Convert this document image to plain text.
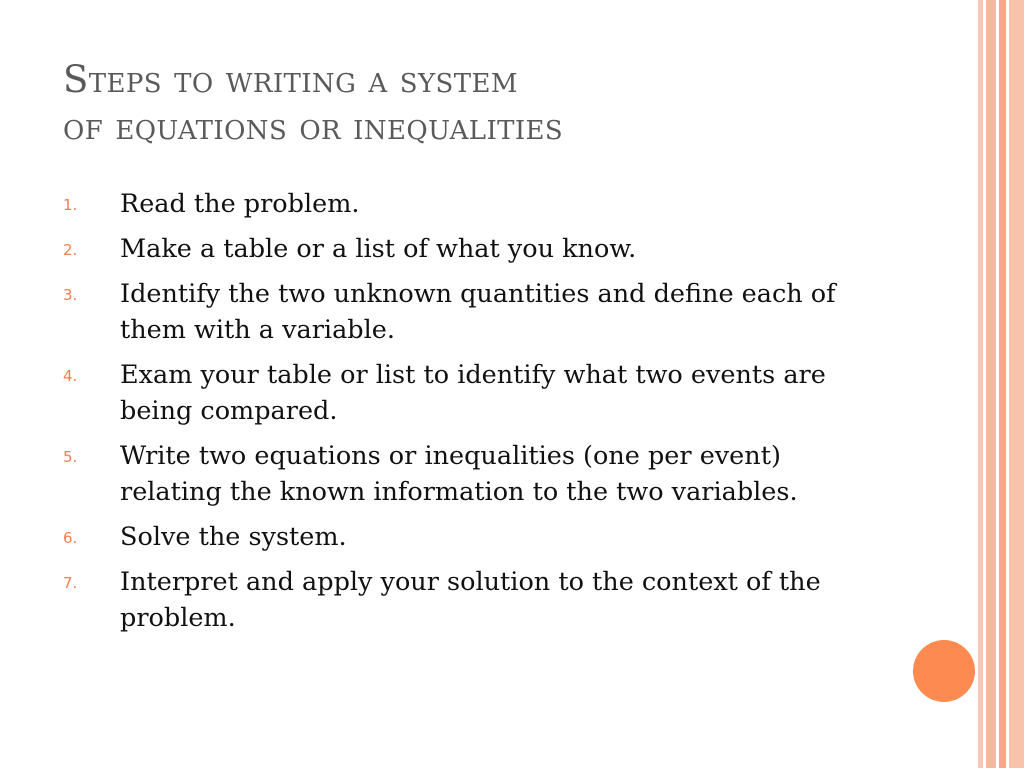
Steps to writing a system
of equations or inequalities
1. Read the problem.
2. Make a table or a list of what you know.
3. Identify the two unknown quantities and define each of them with a variable.
4. Exam your table or list to identify what two events are being compared.
5. Write two equations or inequalities (one per event) relating the known information to the two variables.
6. Solve the system.
7. Interpret and apply your solution to the context of the problem.
